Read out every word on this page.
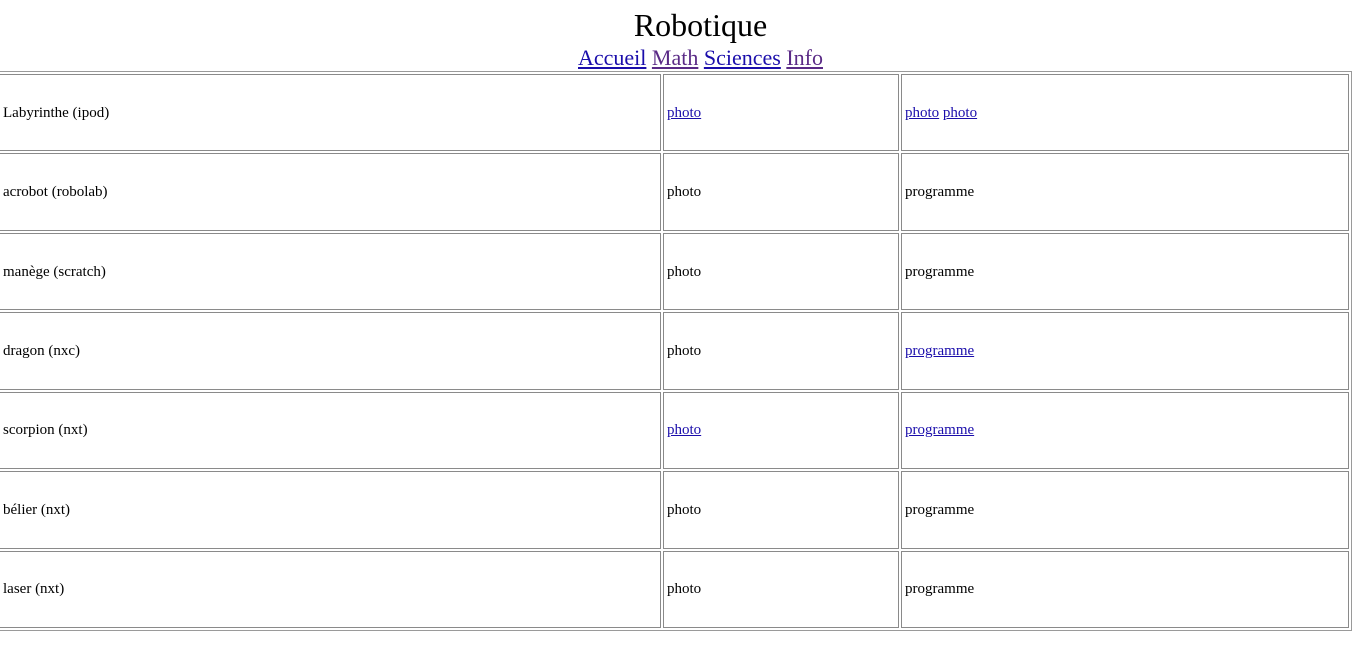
Robotique
Accueil Math Sciences Info
Labyrinthe (ipod)	photo	photo photo
acrobot (robolab)	photo	programme
manège (scratch)	photo	programme
dragon (nxc)	photo	programme
scorpion (nxt)	photo	programme
bélier (nxt)	photo	programme
laser (nxt)	photo	programme
